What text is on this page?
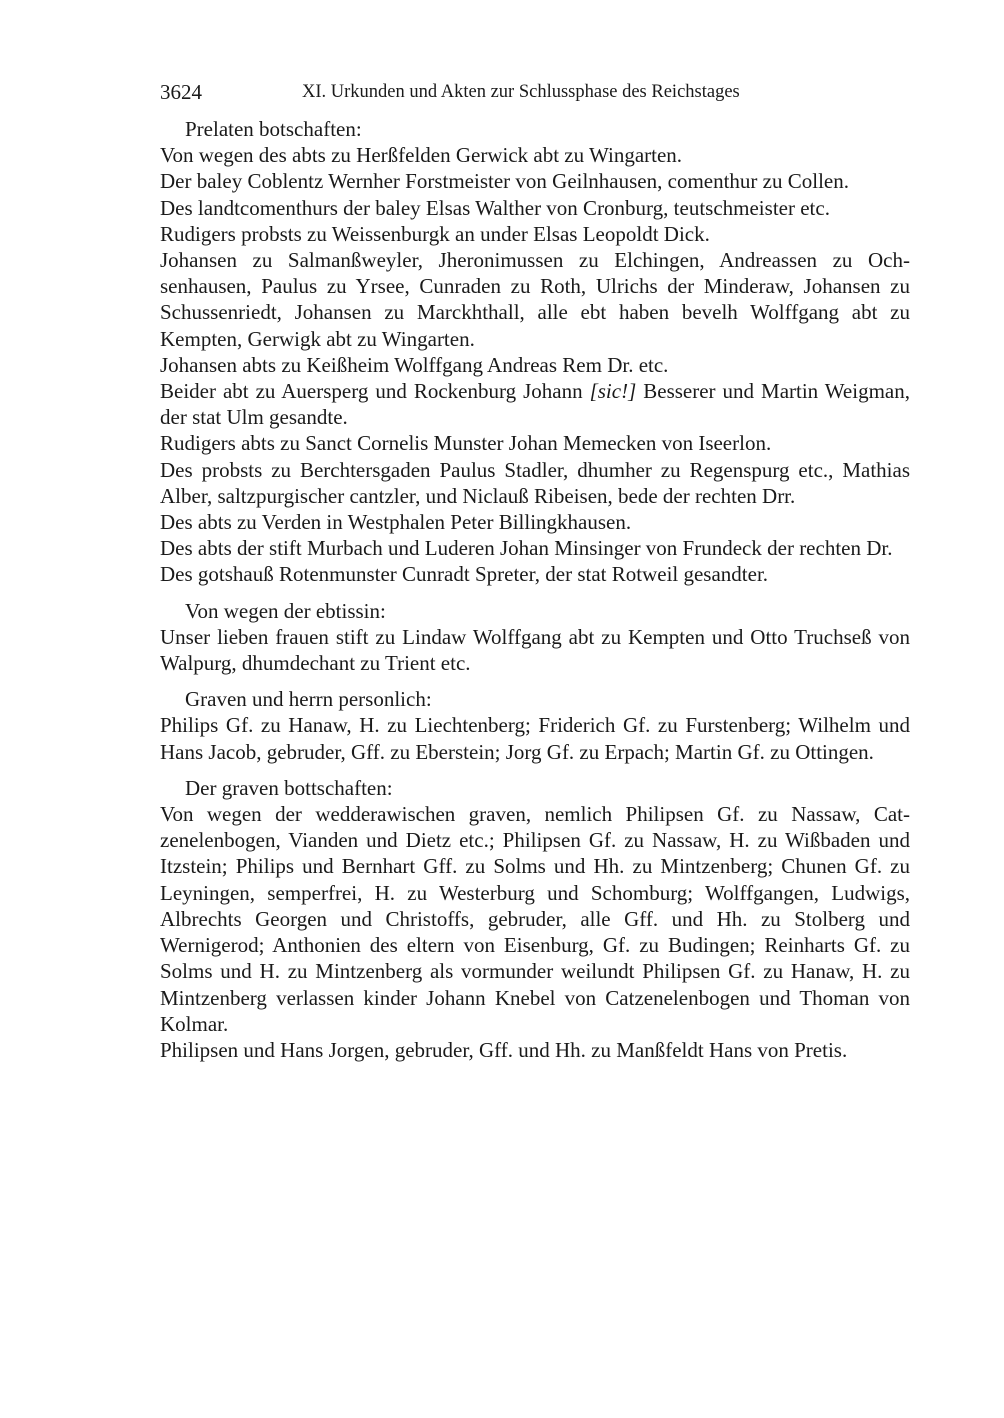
3624	XI. Urkunden und Akten zur Schlussphase des Reichstages
Prelaten botschaften:
Von wegen des abts zu Herßfelden Gerwick abt zu Wingarten.
Der baley Coblentz Wernher Forstmeister von Geilnhausen, comenthur zu Collen.
Des landtcomenthurs der baley Elsas Walther von Cronburg, teutschmeister etc.
Rudigers probsts zu Weissenburgk an under Elsas Leopoldt Dick.
Johansen zu Salmanßweyler, Jheronimussen zu Elchingen, Andreassen zu Ochsenhausen, Paulus zu Yrsee, Cunraden zu Roth, Ulrichs der Minderaw, Johansen zu Schussenriedt, Johansen zu Marckhthall, alle ebt haben bevelh Wolffgang abt zu Kempten, Gerwigk abt zu Wingarten.
Johansen abts zu Keißheim Wolffgang Andreas Rem Dr. etc.
Beider abt zu Auersperg und Rockenburg Johann [sic!] Besserer und Martin Weigman, der stat Ulm gesandte.
Rudigers abts zu Sanct Cornelis Munster Johan Memecken von Iseerlon.
Des probsts zu Berchtersgaden Paulus Stadler, dhumher zu Regenspurg etc., Mathias Alber, saltzpurgischer cantzler, und Niclauß Ribeisen, bede der rechten Drr.
Des abts zu Verden in Westphalen Peter Billingkhausen.
Des abts der stift Murbach und Luderen Johan Minsinger von Frundeck der rechten Dr.
Des gotshauß Rotenmunster Cunradt Spreter, der stat Rotweil gesandter.
Von wegen der ebtissin:
Unser lieben frauen stift zu Lindaw Wolffgang abt zu Kempten und Otto Truchseß von Walpurg, dhumdechant zu Trient etc.
Graven und herrn personlich:
Philips Gf. zu Hanaw, H. zu Liechtenberg; Friderich Gf. zu Furstenberg; Wilhelm und Hans Jacob, gebruder, Gff. zu Eberstein; Jorg Gf. zu Erpach; Martin Gf. zu Ottingen.
Der graven bottschaften:
Von wegen der wedderawischen graven, nemlich Philipsen Gf. zu Nassaw, Catzenelenbogen, Vianden und Dietz etc.; Philipsen Gf. zu Nassaw, H. zu Wißbaden und Itzstein; Philips und Bernhart Gff. zu Solms und Hh. zu Mintzenberg; Chunen Gf. zu Leyningen, semperfrei, H. zu Westerburg und Schomburg; Wolffgangen, Ludwigs, Albrechts Georgen und Christoffs, gebruder, alle Gff. und Hh. zu Stolberg und Wernigerod; Anthonien des eltern von Eisenburg, Gf. zu Budingen; Reinharts Gf. zu Solms und H. zu Mintzenberg als vormunder weilundt Philipsen Gf. zu Hanaw, H. zu Mintzenberg verlassen kinder Johann Knebel von Catzenelenbogen und Thoman von Kolmar.
Philipsen und Hans Jorgen, gebruder, Gff. und Hh. zu Manßfeldt Hans von Pretis.
